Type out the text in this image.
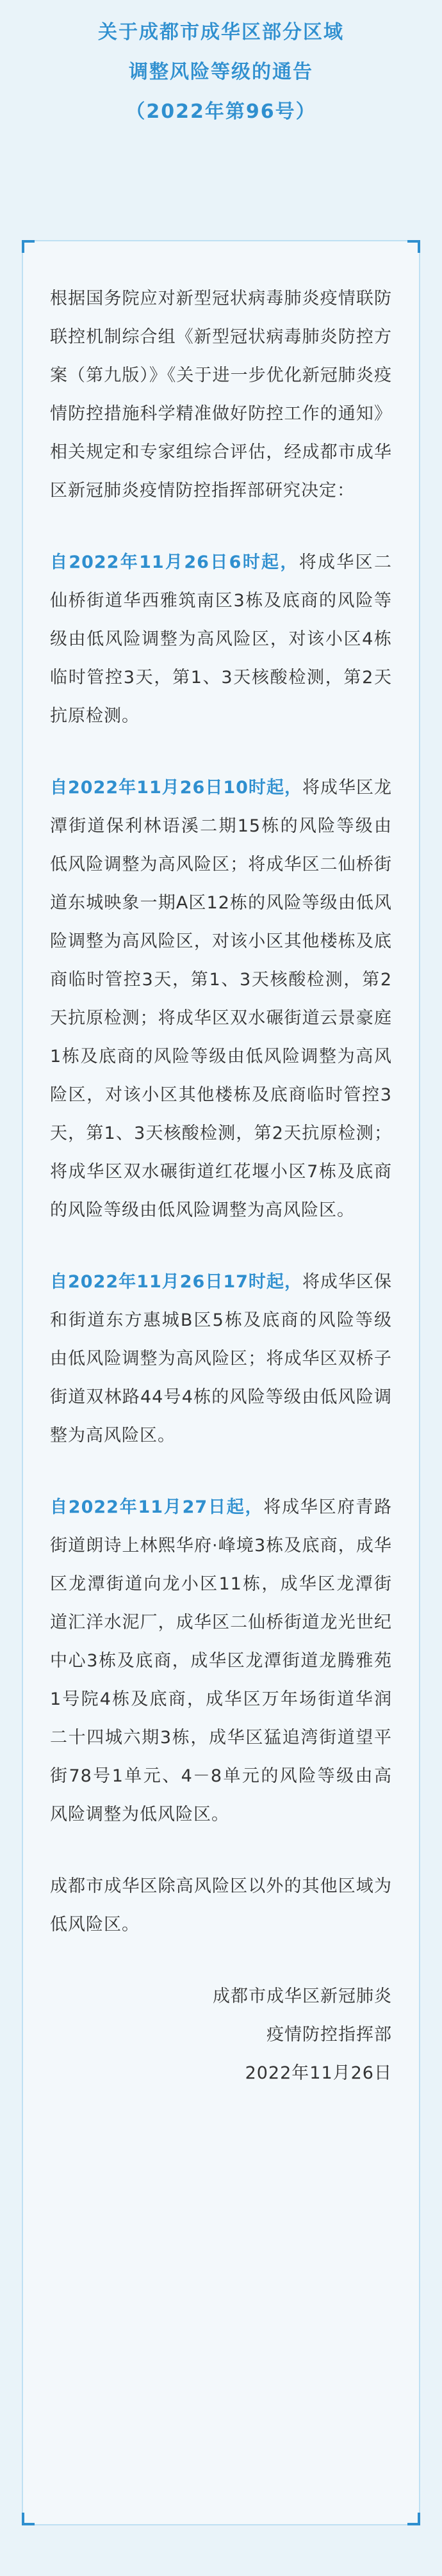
关于成都市成华区部分区域
调整风险等级的通告
（2022年第96号）

根据国务院应对新型冠状病毒肺炎疫情联防联控机制综合组《新型冠状病毒肺炎防控方案（第九版）》《关于进一步优化新冠肺炎疫情防控措施科学精准做好防控工作的通知》相关规定和专家组综合评估，经成都市成华区新冠肺炎疫情防控指挥部研究决定：

自2022年11月26日6时起，将成华区二仙桥街道华西雅筑南区3栋及底商的风险等级由低风险调整为高风险区，对该小区4栋临时管控3天，第1、3天核酸检测，第2天抗原检测。

自2022年11月26日10时起，将成华区龙潭街道保利林语溪二期15栋的风险等级由低风险调整为高风险区；将成华区二仙桥街道东城映象一期A区12栋的风险等级由低风险调整为高风险区，对该小区其他楼栋及底商临时管控3天，第1、3天核酸检测，第2天抗原检测；将成华区双水碾街道云景豪庭1栋及底商的风险等级由低风险调整为高风险区，对该小区其他楼栋及底商临时管控3天，第1、3天核酸检测，第2天抗原检测；将成华区双水碾街道红花堰小区7栋及底商的风险等级由低风险调整为高风险区。

自2022年11月26日17时起，将成华区保和街道东方惠城B区5栋及底商的风险等级由低风险调整为高风险区；将成华区双桥子街道双林路44号4栋的风险等级由低风险调整为高风险区。

自2022年11月27日起，将成华区府青路街道朗诗上林熙华府·峰境3栋及底商，成华区龙潭街道向龙小区11栋，成华区龙潭街道汇洋水泥厂，成华区二仙桥街道龙光世纪中心3栋及底商，成华区龙潭街道龙腾雅苑1号院4栋及底商，成华区万年场街道华润二十四城六期3栋，成华区猛追湾街道望平街78号1单元、4－8单元的风险等级由高风险调整为低风险区。

成都市成华区除高风险区以外的其他区域为低风险区。

成都市成华区新冠肺炎
疫情防控指挥部
2022年11月26日
